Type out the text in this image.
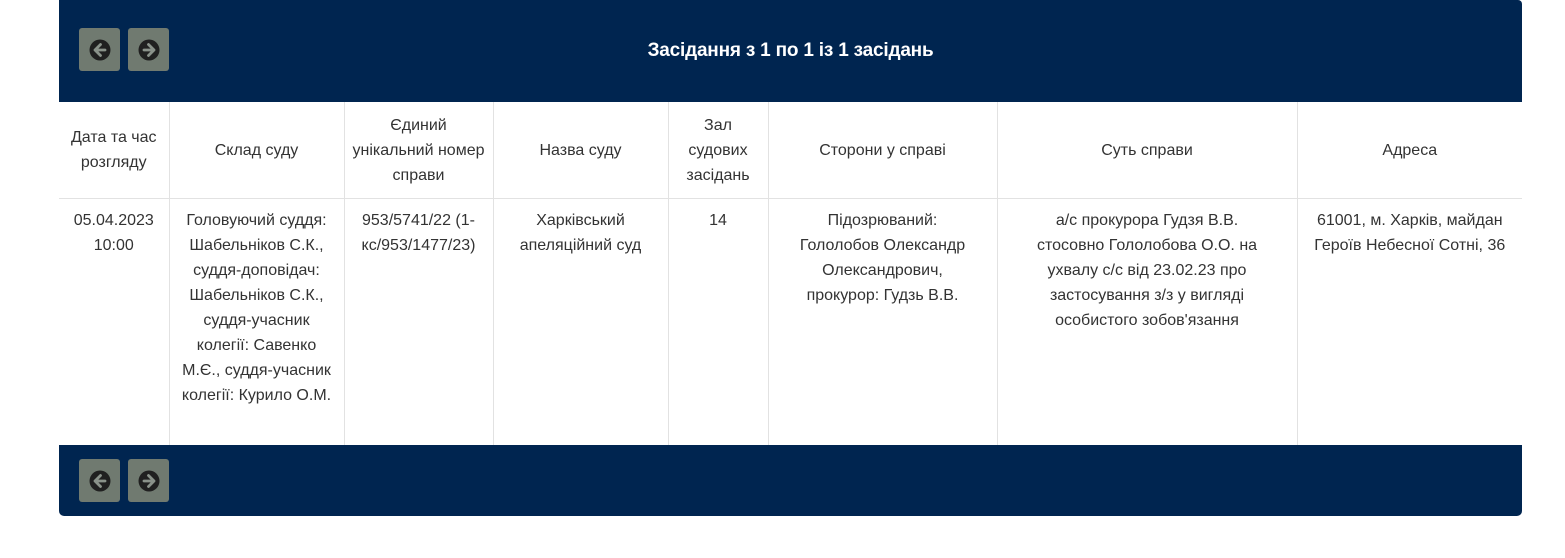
Засідання з 1 по 1 із 1 засідань
Дата та час розгляду	Склад суду	Єдиний унікальний номер справи	Назва суду	Зал судових засідань	Сторони у справі	Суть справи	Адреса
05.04.2023 10:00	Головуючий суддя: Шабельніков С.К., суддя-доповідач: Шабельніков С.К., суддя-учасник колегії: Савенко М.Є., суддя-учасник колегії: Курило О.М.	953/5741/22 (1-кс/953/1477/23)	Харківський апеляційний суд	14	Підозрюваний: Гололобов Олександр Олександрович, прокурор: Гудзь В.В.	а/с прокурора Гудзя В.В. стосовно Гололобова О.О. на ухвалу с/с від 23.02.23 про застосування з/з у вигляді особистого зобов'язання	61001, м. Харків, майдан Героїв Небесної Сотні, 36
